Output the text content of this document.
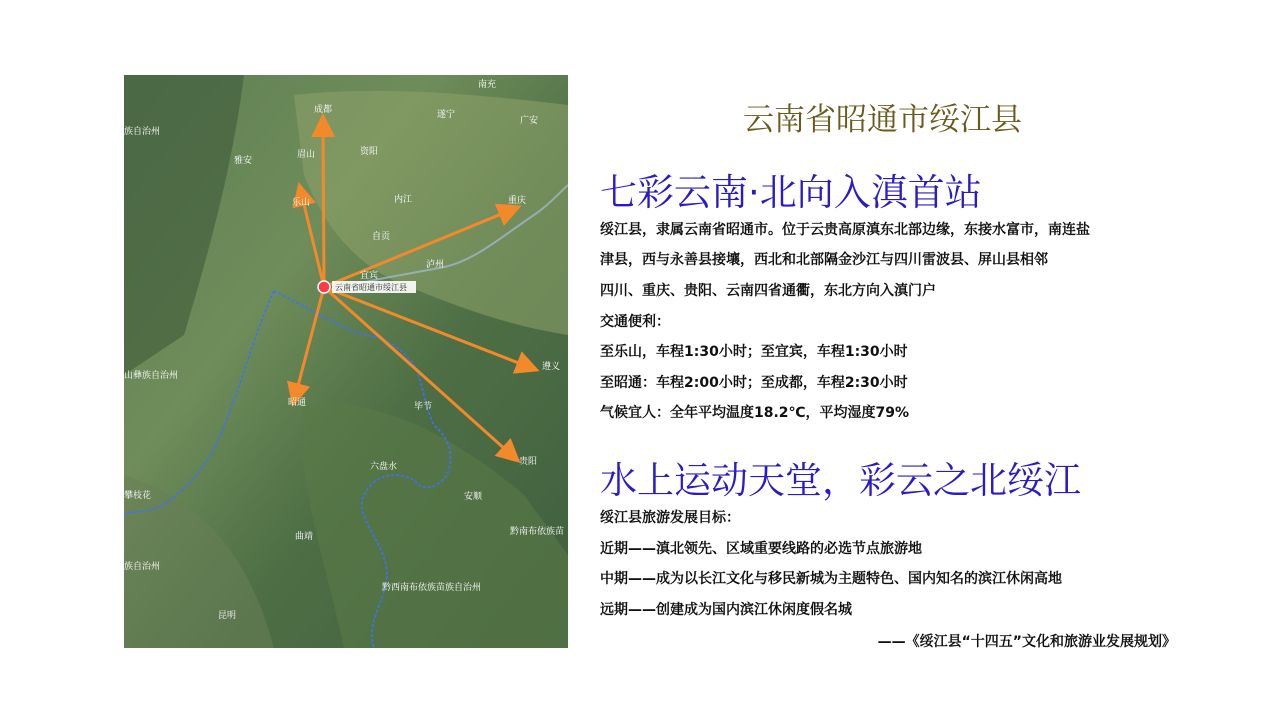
云南省昭通市绥江县
南充
成都	遂宁
广安
雅安
眉山	资阳
乐山	内江	重庆
自贡
泸州
宜宾
遵义
昭通	毕节
六盘水	贵阳
安顺
攀枝花
曲靖
昆明
族自治州
山彝族自治州
族自治州
黔南布依族苗
黔西南布依族苗族自治州
云南省昭通市绥江县
七彩云南·北向入滇首站
绥江县，隶属云南省昭通市。位于云贵高原滇东北部边缘，东接水富市，南连盐
津县，西与永善县接壤，西北和北部隔金沙江与四川雷波县、屏山县相邻
四川、重庆、贵阳、云南四省通衢，东北方向入滇门户
交通便利：
至乐山，车程1:30小时；至宜宾，车程1:30小时
至昭通：车程2:00小时；至成都，车程2:30小时
气候宜人：全年平均温度18.2℃，平均湿度79%
水上运动天堂，彩云之北绥江
绥江县旅游发展目标：
近期——滇北领先、区域重要线路的必选节点旅游地
中期——成为以长江文化与移民新城为主题特色、国内知名的滨江休闲高地
远期——创建成为国内滨江休闲度假名城
——《绥江县“十四五”文化和旅游业发展规划》
